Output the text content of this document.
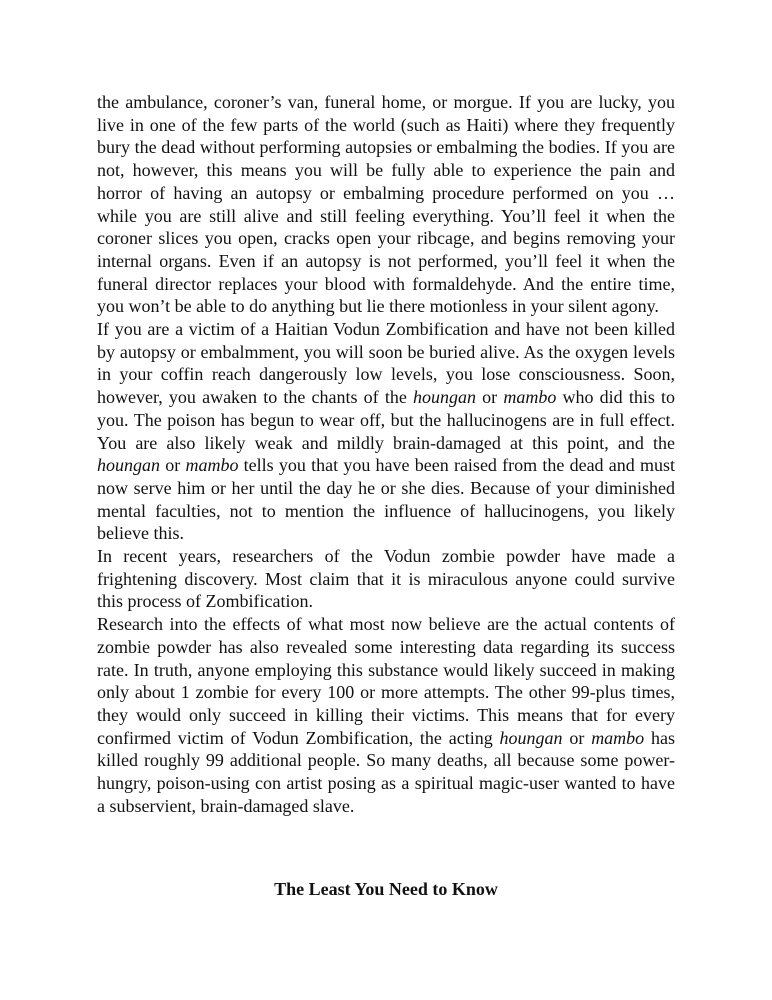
the ambulance, coroner’s van, funeral home, or morgue. If you are lucky, you live in one of the few parts of the world (such as Haiti) where they frequently bury the dead without performing autopsies or embalming the bodies. If you are not, however, this means you will be fully able to experience the pain and horror of having an autopsy or embalming procedure performed on you … while you are still alive and still feeling everything. You’ll feel it when the coroner slices you open, cracks open your ribcage, and begins removing your internal organs. Even if an autopsy is not performed, you’ll feel it when the funeral director replaces your blood with formaldehyde. And the entire time, you won’t be able to do anything but lie there motionless in your silent agony.

If you are a victim of a Haitian Vodun Zombification and have not been killed by autopsy or embalmment, you will soon be buried alive. As the oxygen levels in your coffin reach dangerously low levels, you lose consciousness. Soon, however, you awaken to the chants of the houngan or mambo who did this to you. The poison has begun to wear off, but the hallucinogens are in full effect. You are also likely weak and mildly brain-damaged at this point, and the houngan or mambo tells you that you have been raised from the dead and must now serve him or her until the day he or she dies. Because of your diminished mental faculties, not to mention the influence of hallucinogens, you likely believe this.

In recent years, researchers of the Vodun zombie powder have made a frightening discovery. Most claim that it is miraculous anyone could survive this process of Zombification.

Research into the effects of what most now believe are the actual contents of zombie powder has also revealed some interesting data regarding its success rate. In truth, anyone employing this substance would likely succeed in making only about 1 zombie for every 100 or more attempts. The other 99-plus times, they would only succeed in killing their victims. This means that for every confirmed victim of Vodun Zombification, the acting houngan or mambo has killed roughly 99 additional people. So many deaths, all because some power-hungry, poison-using con artist posing as a spiritual magic-user wanted to have a subservient, brain-damaged slave.

The Least You Need to Know
